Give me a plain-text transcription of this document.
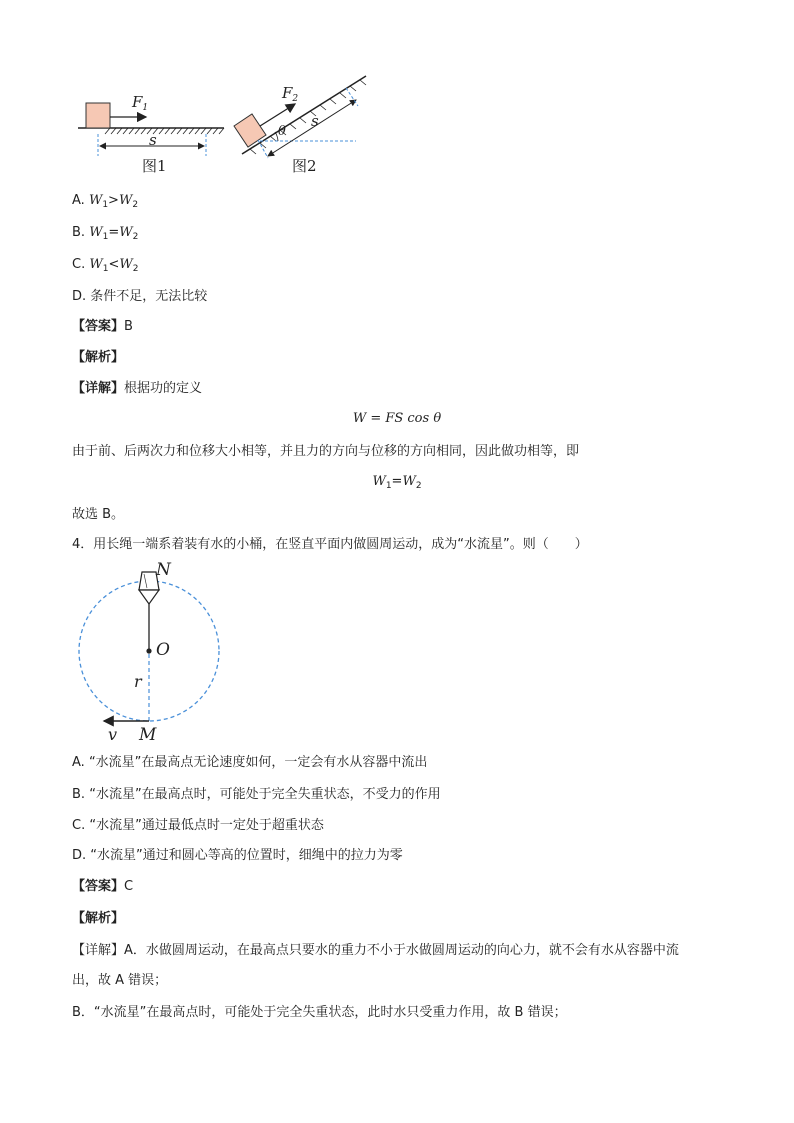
$F_1$
s
图1
$F_2$
s
θ
图2
A. $W_1>W_2$
B. $W_1=W_2$
C. $W_1<W_2$
D. 条件不足，无法比较
【答案】B
【解析】
【详解】根据功的定义
W = FS cos θ
由于前、后两次力和位移大小相等，并且力的方向与位移的方向相同，因此做功相等，即
$W_1=W_2$
故选 B。
4．用长绳一端系着装有水的小桶，在竖直平面内做圆周运动，成为“水流星”。则（　　）
N
O
r
v M
A. “水流星”在最高点无论速度如何，一定会有水从容器中流出
B. “水流星”在最高点时，可能处于完全失重状态，不受力的作用
C. “水流星”通过最低点时一定处于超重状态
D. “水流星”通过和圆心等高的位置时，细绳中的拉力为零
【答案】C
【解析】
【详解】A．水做圆周运动，在最高点只要水的重力不小于水做圆周运动的向心力，就不会有水从容器中流
出，故 A 错误；
B．“水流星”在最高点时，可能处于完全失重状态，此时水只受重力作用，故 B 错误；
